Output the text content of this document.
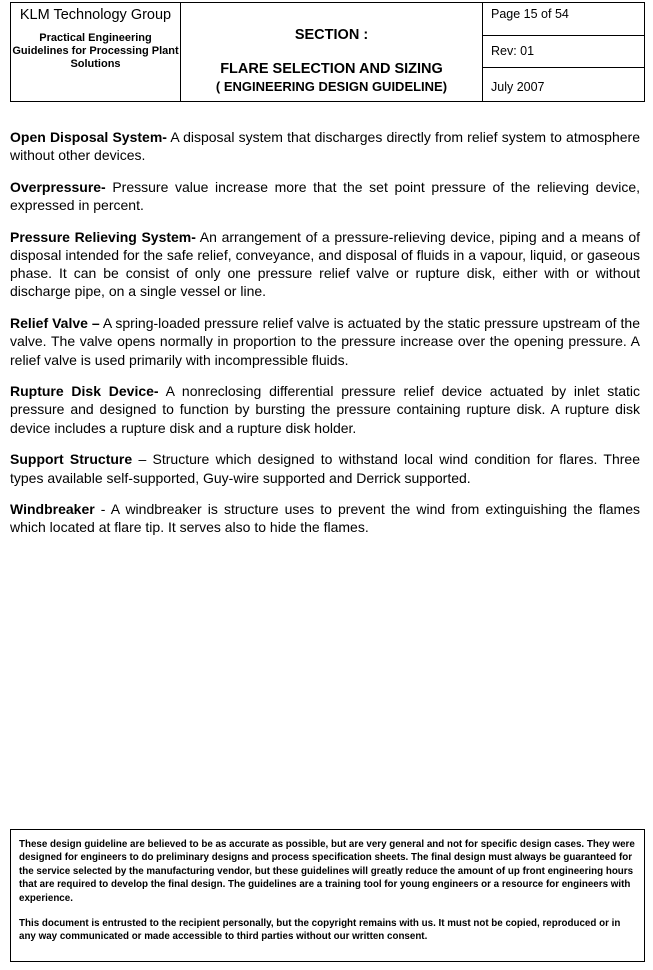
KLM Technology Group
Practical Engineering Guidelines for Processing Plant Solutions
SECTION :
FLARE SELECTION AND SIZING
( ENGINEERING DESIGN GUIDELINE)
Page 15 of 54
Rev: 01
July 2007

Open Disposal System- A disposal system that discharges directly from relief system to atmosphere without other devices.

Overpressure- Pressure value increase more that the set point pressure of the relieving device, expressed in percent.

Pressure Relieving System- An arrangement of a pressure-relieving device, piping and a means of disposal intended for the safe relief, conveyance, and disposal of fluids in a vapour, liquid, or gaseous phase. It can be consist of only one pressure relief valve or rupture disk, either with or without discharge pipe, on a single vessel or line.

Relief Valve – A spring-loaded pressure relief valve is actuated by the static pressure upstream of the valve. The valve opens normally in proportion to the pressure increase over the opening pressure. A relief valve is used primarily with incompressible fluids.

Rupture Disk Device- A nonreclosing differential pressure relief device actuated by inlet static pressure and designed to function by bursting the pressure containing rupture disk. A rupture disk device includes a rupture disk and a rupture disk holder.

Support Structure – Structure which designed to withstand local wind condition for flares. Three types available self-supported, Guy-wire supported and Derrick supported.

Windbreaker - A windbreaker is structure uses to prevent the wind from extinguishing the flames which located at flare tip. It serves also to hide the flames.

These design guideline are believed to be as accurate as possible, but are very general and not for specific design cases. They were designed for engineers to do preliminary designs and process specification sheets. The final design must always be guaranteed for the service selected by the manufacturing vendor, but these guidelines will greatly reduce the amount of up front engineering hours that are required to develop the final design. The guidelines are a training tool for young engineers or a resource for engineers with experience.

This document is entrusted to the recipient personally, but the copyright remains with us. It must not be copied, reproduced or in any way communicated or made accessible to third parties without our written consent.
